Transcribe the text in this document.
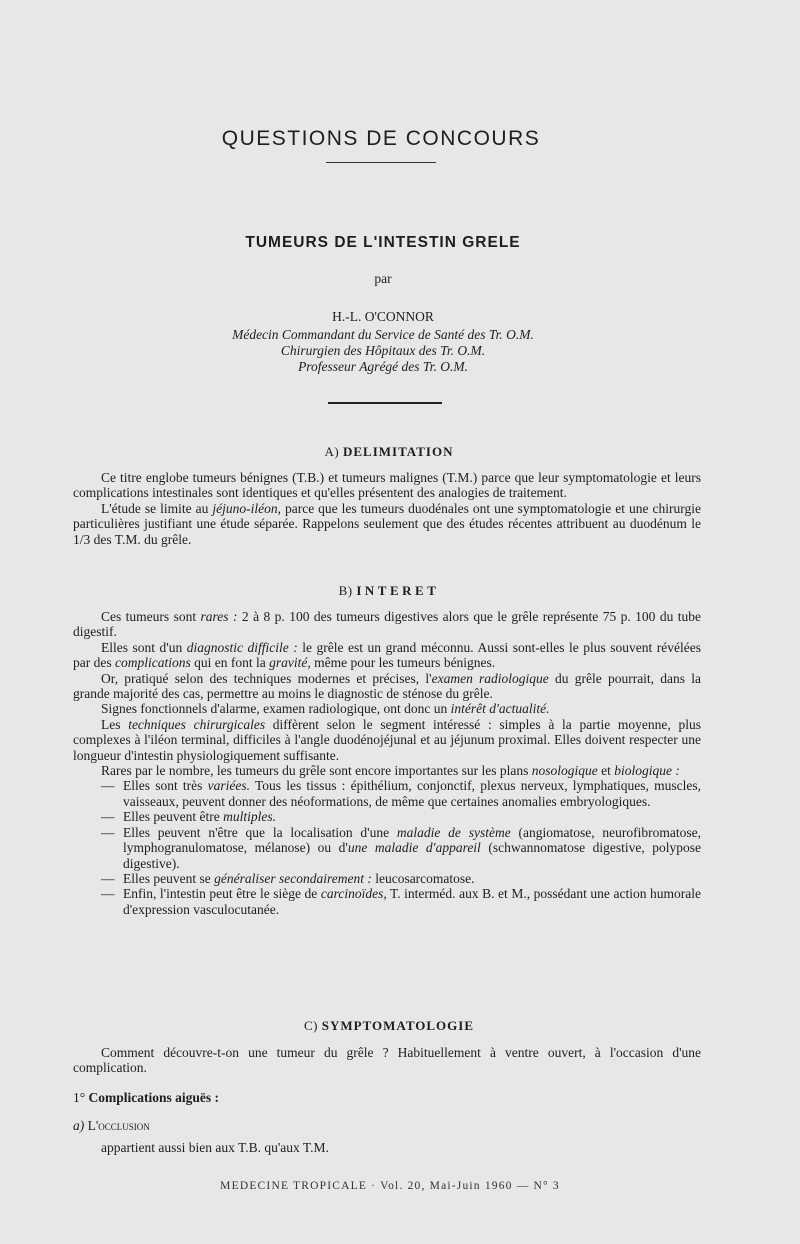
QUESTIONS DE CONCOURS
TUMEURS DE L'INTESTIN GRELE
par
H.-L. O'CONNOR
Médecin Commandant du Service de Santé des Tr. O.M.
Chirurgien des Hôpitaux des Tr. O.M.
Professeur Agrégé des Tr. O.M.
A) DELIMITATION

Ce titre englobe tumeurs bénignes (T.B.) et tumeurs malignes (T.M.) parce que leur symptomatologie et leurs complications intestinales sont identiques et qu'elles présentent des analogies de traitement.

L'étude se limite au jéjuno-iléon, parce que les tumeurs duodénales ont une symptomatologie et une chirurgie particulières justifiant une étude séparée. Rappelons seulement que des études récentes attribuent au duodénum le 1/3 des T.M. du grêle.

B) INTERET

Ces tumeurs sont rares : 2 à 8 p. 100 des tumeurs digestives alors que le grêle représente 75 p. 100 du tube digestif.

Elles sont d'un diagnostic difficile : le grêle est un grand méconnu. Aussi sont-elles le plus souvent révélées par des complications qui en font la gravité, même pour les tumeurs bénignes.

Or, pratiqué selon des techniques modernes et précises, l'examen radiologique du grêle pourrait, dans la grande majorité des cas, permettre au moins le diagnostic de sténose du grêle.

Signes fonctionnels d'alarme, examen radiologique, ont donc un intérêt d'actualité.

Les techniques chirurgicales diffèrent selon le segment intéressé : simples à la partie moyenne, plus complexes à l'iléon terminal, difficiles à l'angle duodénojéjunal et au jéjunum proximal. Elles doivent respecter une longueur d'intestin physiologiquement suffisante.

Rares par le nombre, les tumeurs du grêle sont encore importantes sur les plans nosologique et biologique :

— Elles sont très variées. Tous les tissus : épithélium, conjonctif, plexus nerveux, lymphatiques, muscles, vaisseaux, peuvent donner des néoformations, de même que certaines anomalies embryologiques.

— Elles peuvent être multiples.

— Elles peuvent n'être que la localisation d'une maladie de système (angiomatose, neurofibromatose, lymphogranulomatose, mélanose) ou d'une maladie d'appareil (schwannomatose digestive, polypose digestive).

— Elles peuvent se généraliser secondairement : leucosarcomatose.

— Enfin, l'intestin peut être le siège de carcinoïdes, T. interméd. aux B. et M., possédant une action humorale d'expression vasculocutanée.

C) SYMPTOMATOLOGIE

Comment découvre-t-on une tumeur du grêle ? Habituellement à ventre ouvert, à l'occasion d'une complication.

1° Complications aiguës :
a) L'occlusion

appartient aussi bien aux T.B. qu'aux T.M.

MEDECINE TROPICALE · Vol. 20, Mai-Juin 1960 — N° 3
